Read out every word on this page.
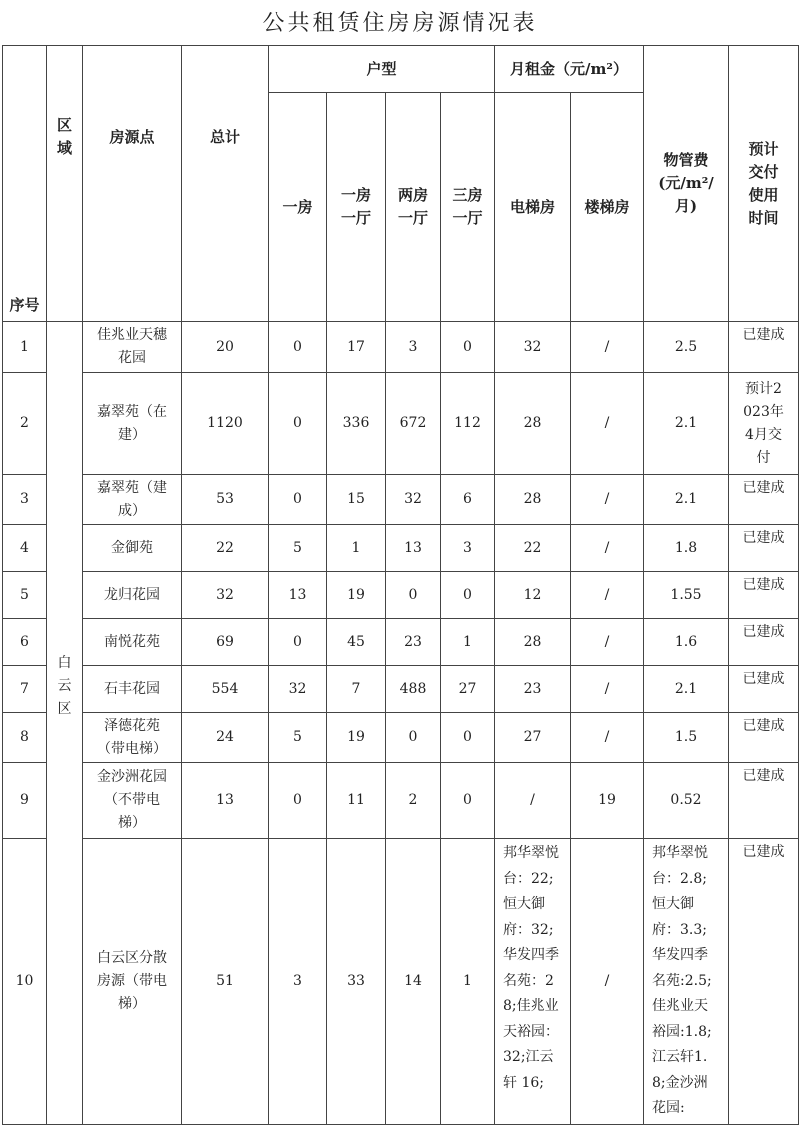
公共租赁住房房源情况表
序号	区域	房源点	总计	户型				月租金（元/m²）		物管费(元/m²/月)	预计交付使用时间
				一房	一房一厅	两房一厅	三房一厅	电梯房	楼梯房		
1	白云区	佳兆业天穗花园	20	0	17	3	0	32	/	2.5	已建成
2		嘉翠苑（在建）	1120	0	336	672	112	28	/	2.1	预计2023年4月交付
3		嘉翠苑（建成）	53	0	15	32	6	28	/	2.1	已建成
4		金御苑	22	5	1	13	3	22	/	1.8	已建成
5		龙归花园	32	13	19	0	0	12	/	1.55	已建成
6		南悦花苑	69	0	45	23	1	28	/	1.6	已建成
7		石丰花园	554	32	7	488	27	23	/	2.1	已建成
8		泽德花苑（带电梯）	24	5	19	0	0	27	/	1.5	已建成
9		金沙洲花园（不带电梯）	13	0	11	2	0	/	19	0.52	已建成
10		白云区分散房源（带电梯）	51	3	33	14	1	邦华翠悦台：22;恒大御府：32;华发四季名苑：28;佳兆业天裕园：32;江云轩 16;	/	邦华翠悦台：2.8;恒大御府：3.3;华发四季名苑:2.5;佳兆业天裕园:1.8;江云轩1.8;金沙洲花园:	已建成
